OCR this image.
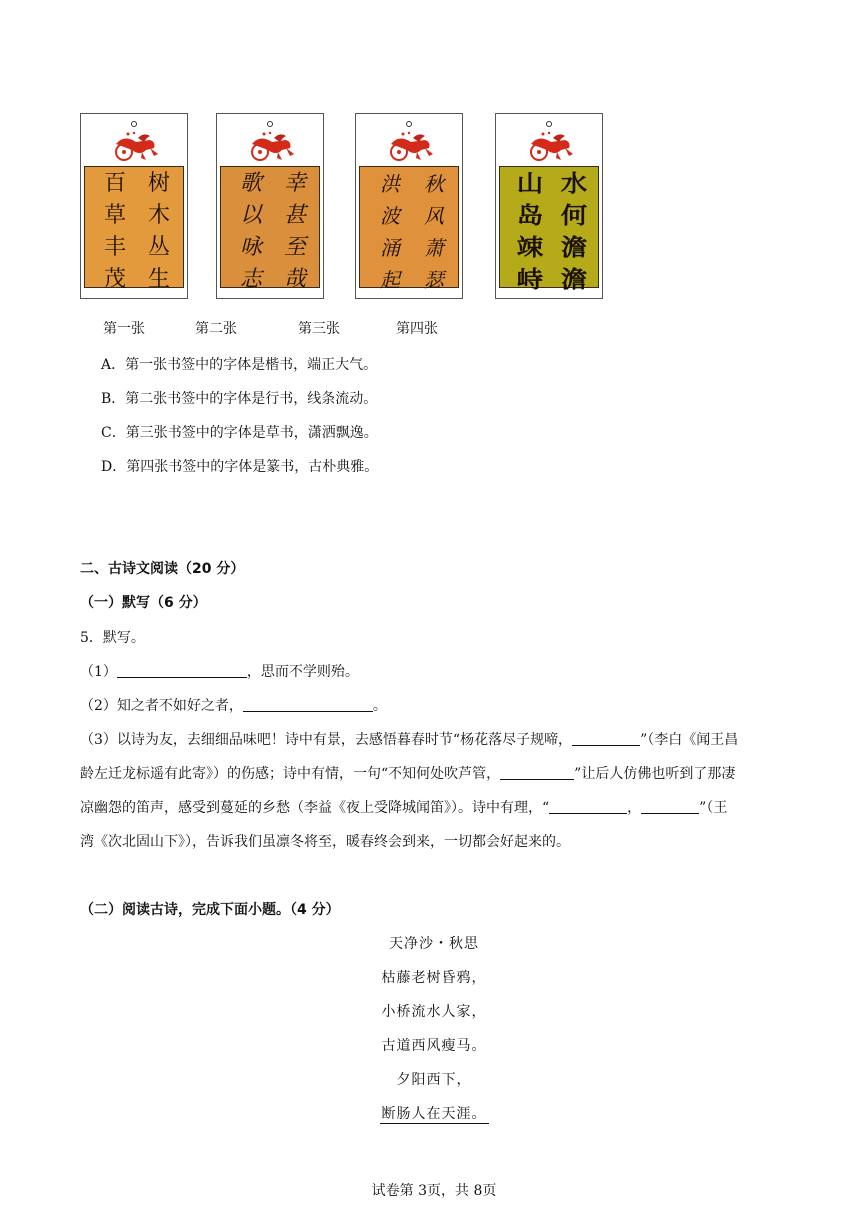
树
木
丛
生
百
草
丰
茂
幸
甚
至
哉
歌
以
咏
志
秋
风
萧
瑟
洪
波
涌
起
水
何
澹
澹
山
岛
竦
峙
第一张	第二张	第三张	第四张
A．第一张书签中的字体是楷书，端正大气。
B．第二张书签中的字体是行书，线条流动。
C．第三张书签中的字体是草书，潇洒飘逸。
D．第四张书签中的字体是篆书，古朴典雅。
二、古诗文阅读（20 分）
（一）默写（6 分）
5．默写。
（1）	，思而不学则殆。
（2）知之者不如好之者，	。
（3）以诗为友，去细细品味吧！诗中有景，去感悟暮春时节“杨花落尽子规啼，	”（李白《闻王昌
龄左迁龙标遥有此寄》）的伤感；诗中有情，一句“不知何处吹芦管，	”让后人仿佛也听到了那凄
凉幽怨的笛声，感受到蔓延的乡愁（李益《夜上受降城闻笛》）。诗中有理，“	，	”（王
湾《次北固山下》），告诉我们虽凛冬将至，暖春终会到来，一切都会好起来的。
（二）阅读古诗，完成下面小题。（4 分）
天净沙・秋思
枯藤老树昏鸦，
小桥流水人家，
古道西风瘦马。
夕阳西下，
断肠人在天涯。
试卷第 3页，共 8页
